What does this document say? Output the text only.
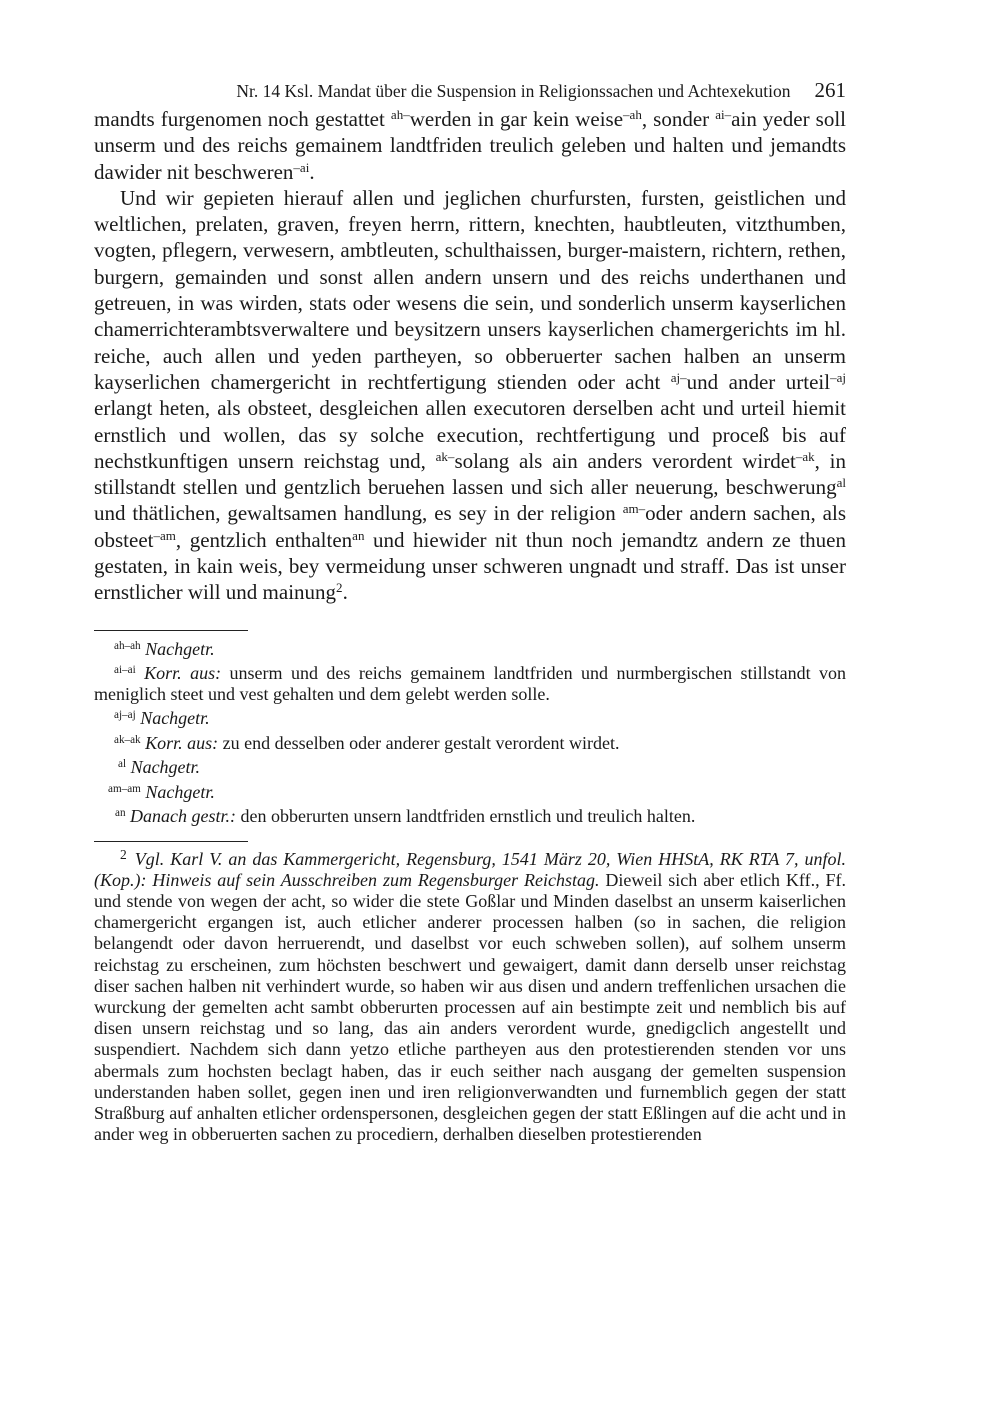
Nr. 14 Ksl. Mandat über die Suspension in Religionssachen und Achtexekution 261

mandts furgenomen noch gestattet $^{ah-}$werden in gar kein weise$^{-ah}$, sonder $^{ai-}$ain yeder soll unserm und des reichs gemainem landtfriden treulich geleben und halten und jemandts dawider nit beschweren$^{-ai}$.

Und wir gepieten hierauf allen und jeglichen churfursten, fursten, geistlichen und weltlichen, prelaten, graven, freyen herrn, rittern, knechten, haubtleuten, vitzthumben, vogten, pflegern, verwesern, ambtleuten, schulthaissen, burger-maistern, richtern, rethen, burgern, gemainden und sonst allen andern unsern und des reichs underthanen und getreuen, in was wirden, stats oder wesens die sein, und sonderlich unserm kayserlichen chamerrichterambtsverwaltere und beysitzern unsers kayserlichen chamergerichts im hl. reiche, auch allen und yeden partheyen, so obberuerter sachen halben an unserm kayserlichen chamergericht in rechtfertigung stienden oder acht $^{aj-}$und ander urteil$^{-aj}$ erlangt heten, als obsteet, desgleichen allen executoren derselben acht und urteil hiemit ernstlich und wollen, das sy solche execution, rechtfertigung und proceß bis auf nechstkunftigen unsern reichstag und, $^{ak-}$solang als ain anders verordent wirdet$^{-ak}$, in stillstandt stellen und gentzlich beruehen lassen und sich aller neuerung, beschwerung$^{al}$ und thätlichen, gewaltsamen handlung, es sey in der religion $^{am-}$oder andern sachen, als obsteet$^{-am}$, gentzlich enthalten$^{an}$ und hiewider nit thun noch jemandtz andern ze thuen gestaten, in kain weis, bey vermeidung unser schweren ungnadt und straff. Das ist unser ernstlicher will und mainung$^2$.

$^{ah-ah}$ Nachgetr.
$^{ai-ai}$ Korr. aus: unserm und des reichs gemainem landtfriden und nurmbergischen stillstandt von meniglich steet und vest gehalten und dem gelebt werden solle.
$^{aj-aj}$ Nachgetr.
$^{ak-ak}$ Korr. aus: zu end desselben oder anderer gestalt verordent wirdet.
$^{al}$ Nachgetr.
$^{am-am}$ Nachgetr.
$^{an}$ Danach gestr.: den obberurten unsern landtfriden ernstlich und treulich halten.
$^2$ Vgl. Karl V. an das Kammergericht, Regensburg, 1541 März 20, Wien HHStA, RK RTA 7, unfol. (Kop.): Hinweis auf sein Ausschreiben zum Regensburger Reichstag. Dieweil sich aber etlich Kff., Ff. und stende von wegen der acht, so wider die stete Goßlar und Minden daselbst an unserm kaiserlichen chamergericht ergangen ist, auch etlicher anderer processen halben (so in sachen, die religion belangendt oder davon herruerendt, und daselbst vor euch schweben sollen), auf solhem unserm reichstag zu erscheinen, zum höchsten beschwert und gewaigert, damit dann derselb unser reichstag diser sachen halben nit verhindert wurde, so haben wir aus disen und andern treffenlichen ursachen die wurckung der gemelten acht sambt obberurten processen auf ain bestimpte zeit und nemblich bis auf disen unsern reichstag und so lang, das ain anders verordent wurde, gnedigclich angestellt und suspendiert. Nachdem sich dann yetzo etliche partheyen aus den protestierenden stenden vor uns abermals zum hochsten beclagt haben, das ir euch seither nach ausgang der gemelten suspension understanden haben sollet, gegen inen und iren religionverwandten und furnemblich gegen der statt Straßburg auf anhalten etlicher ordenspersonen, desgleichen gegen der statt Eßlingen auf die acht und in ander weg in obberuerten sachen zu procediern, derhalben dieselben protestierenden
